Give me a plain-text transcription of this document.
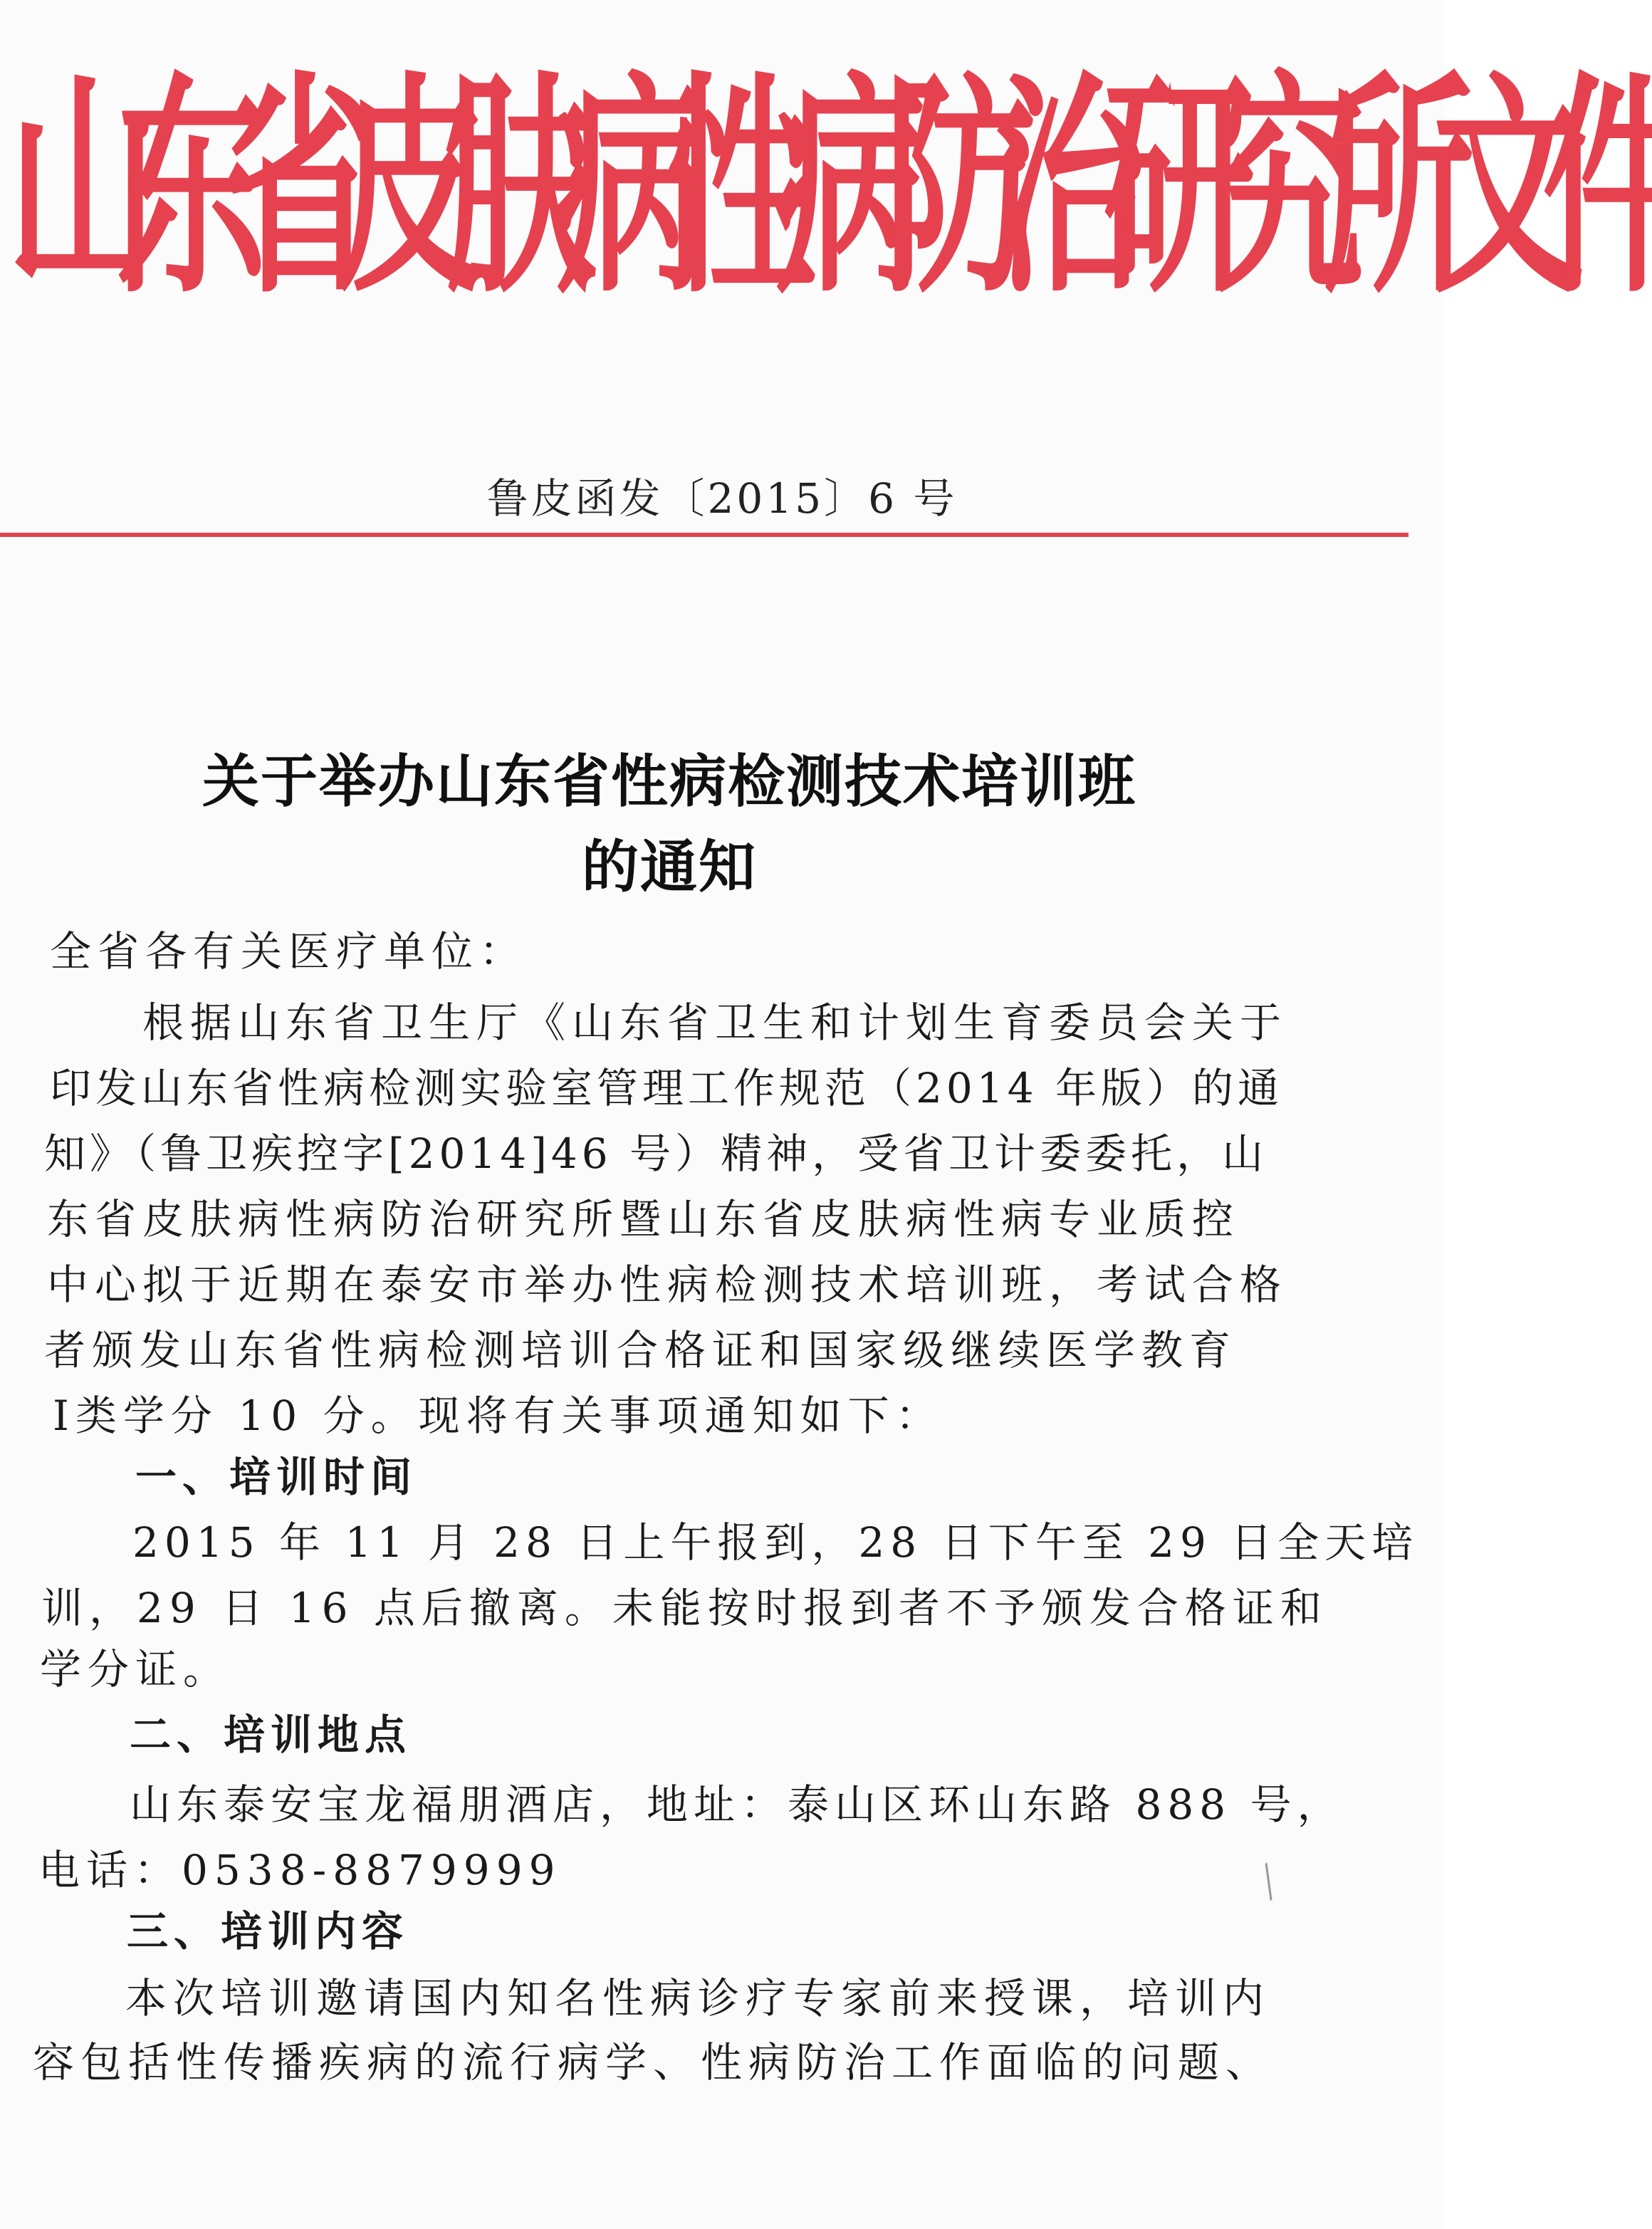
山东省皮肤病性病防治研究所文件
鲁皮函发〔2015〕6 号
关于举办山东省性病检测技术培训班
的通知
全省各有关医疗单位：
根据山东省卫生厅《山东省卫生和计划生育委员会关于
印发山东省性病检测实验室管理工作规范（2014 年版）的通
知》（鲁卫疾控字[2014]46 号）精神，受省卫计委委托，山
东省皮肤病性病防治研究所暨山东省皮肤病性病专业质控
中心拟于近期在泰安市举办性病检测技术培训班，考试合格
者颁发山东省性病检测培训合格证和国家级继续医学教育
Ⅰ类学分 10 分。现将有关事项通知如下：
一、培训时间
2015 年 11 月 28 日上午报到，28 日下午至 29 日全天培
训，29 日 16 点后撤离。未能按时报到者不予颁发合格证和
学分证。
二、培训地点
山东泰安宝龙福朋酒店，地址：泰山区环山东路 888 号，
电话：0538-8879999
三、培训内容
本次培训邀请国内知名性病诊疗专家前来授课，培训内
容包括性传播疾病的流行病学、性病防治工作面临的问题、
╱
